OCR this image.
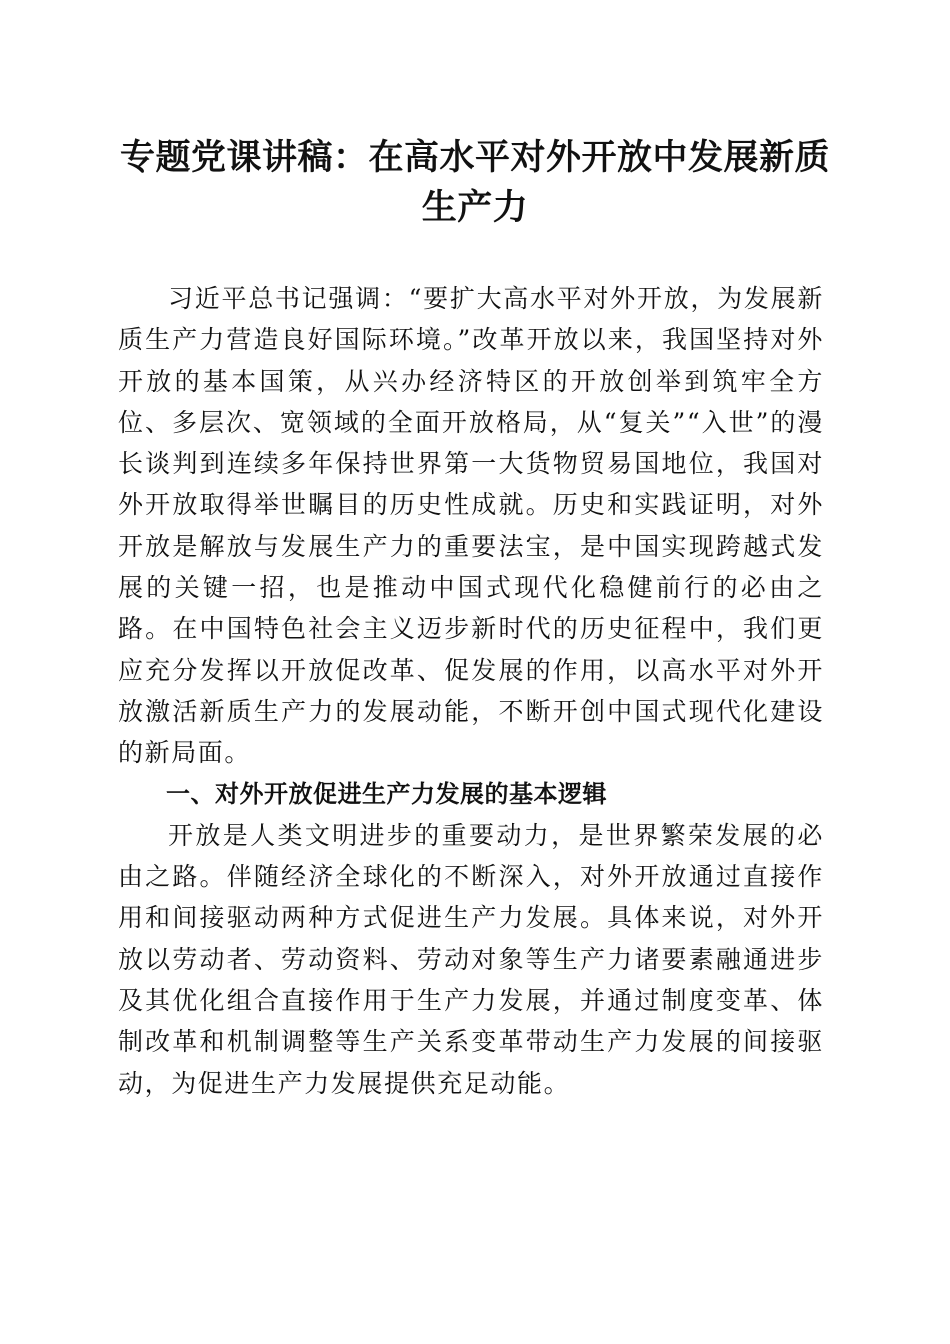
专题党课讲稿：在高水平对外开放中发展新质生产力

习近平总书记强调：“要扩大高水平对外开放，为发展新质生产力营造良好国际环境。”改革开放以来，我国坚持对外开放的基本国策，从兴办经济特区的开放创举到筑牢全方位、多层次、宽领域的全面开放格局，从“复关”“入世”的漫长谈判到连续多年保持世界第一大货物贸易国地位，我国对外开放取得举世瞩目的历史性成就。历史和实践证明，对外开放是解放与发展生产力的重要法宝，是中国实现跨越式发展的关键一招，也是推动中国式现代化稳健前行的必由之路。在中国特色社会主义迈步新时代的历史征程中，我们更应充分发挥以开放促改革、促发展的作用，以高水平对外开放激活新质生产力的发展动能，不断开创中国式现代化建设的新局面。

一、对外开放促进生产力发展的基本逻辑

开放是人类文明进步的重要动力，是世界繁荣发展的必由之路。伴随经济全球化的不断深入，对外开放通过直接作用和间接驱动两种方式促进生产力发展。具体来说，对外开放以劳动者、劳动资料、劳动对象等生产力诸要素融通进步及其优化组合直接作用于生产力发展，并通过制度变革、体制改革和机制调整等生产关系变革带动生产力发展的间接驱动，为促进生产力发展提供充足动能。
